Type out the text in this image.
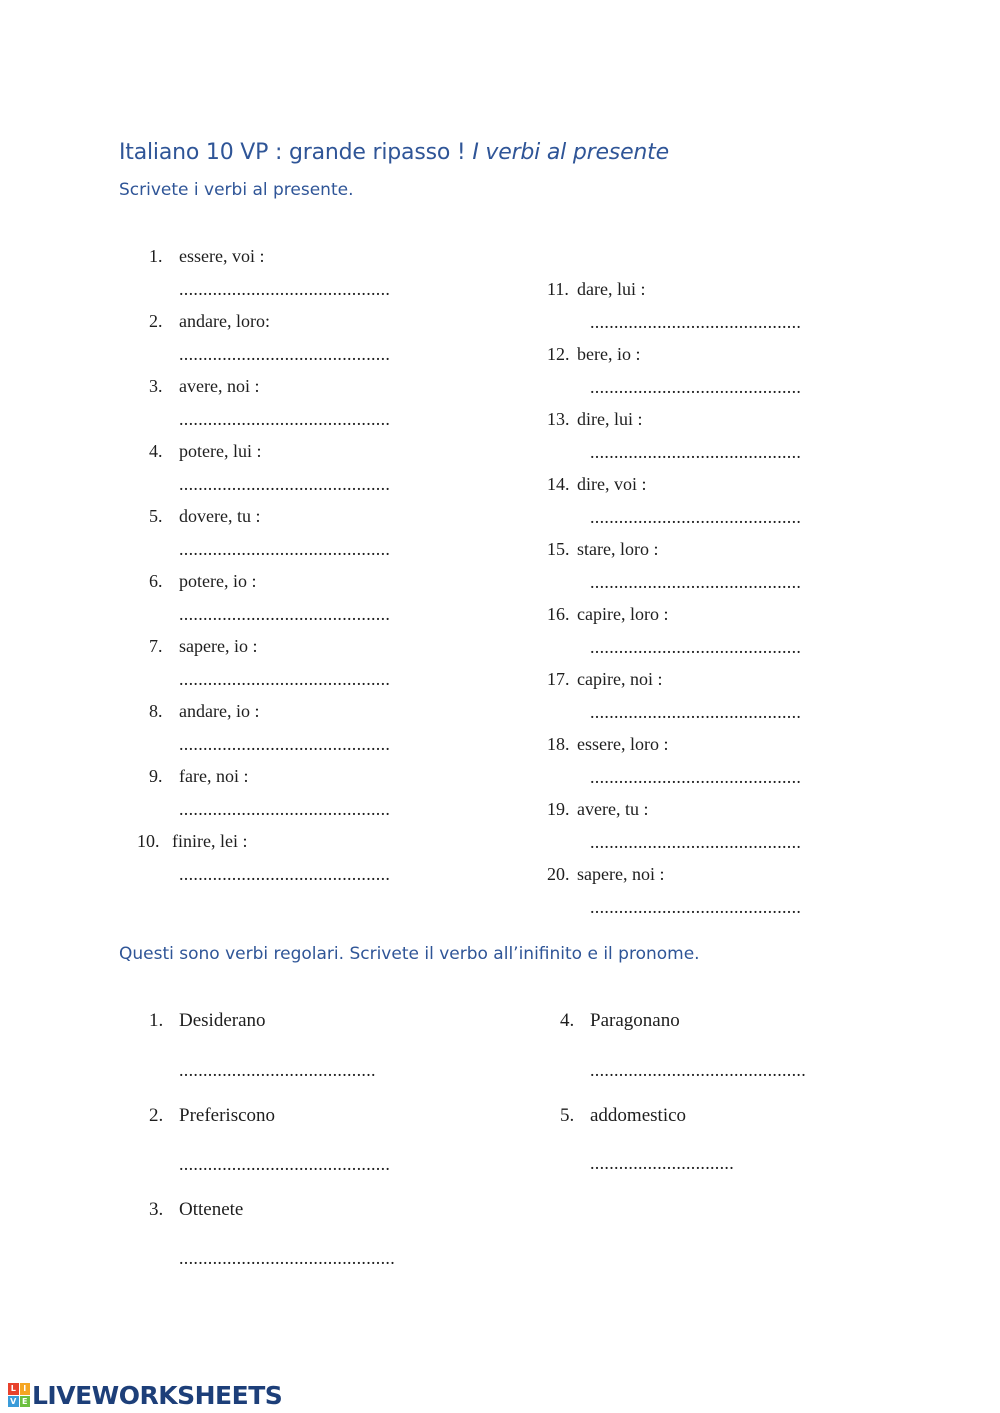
Italiano 10 VP : grande ripasso ! I verbi al presente
Scrivete i verbi al presente.
1. essere, voi :
............................................
2. andare, loro:
............................................
3. avere, noi :
............................................
4. potere, lui :
............................................
5. dovere, tu :
............................................
6. potere, io :
............................................
7. sapere, io :
............................................
8. andare, io :
............................................
9. fare, noi :
............................................
10. finire, lei :
............................................
11. dare, lui :
............................................
12. bere, io :
............................................
13. dire, lui :
............................................
14. dire, voi :
............................................
15. stare, loro :
............................................
16. capire, loro :
............................................
17. capire, noi :
............................................
18. essere, loro :
............................................
19. avere, tu :
............................................
20. sapere, noi :
............................................
Questi sono verbi regolari. Scrivete il verbo all’inifinito e il pronome.
1. Desiderano
.........................................
2. Preferiscono
............................................
3. Ottenete
.............................................
4. Paragonano
.............................................
5. addomestico
..............................
L I
V E LIVEWORKSHEETS
